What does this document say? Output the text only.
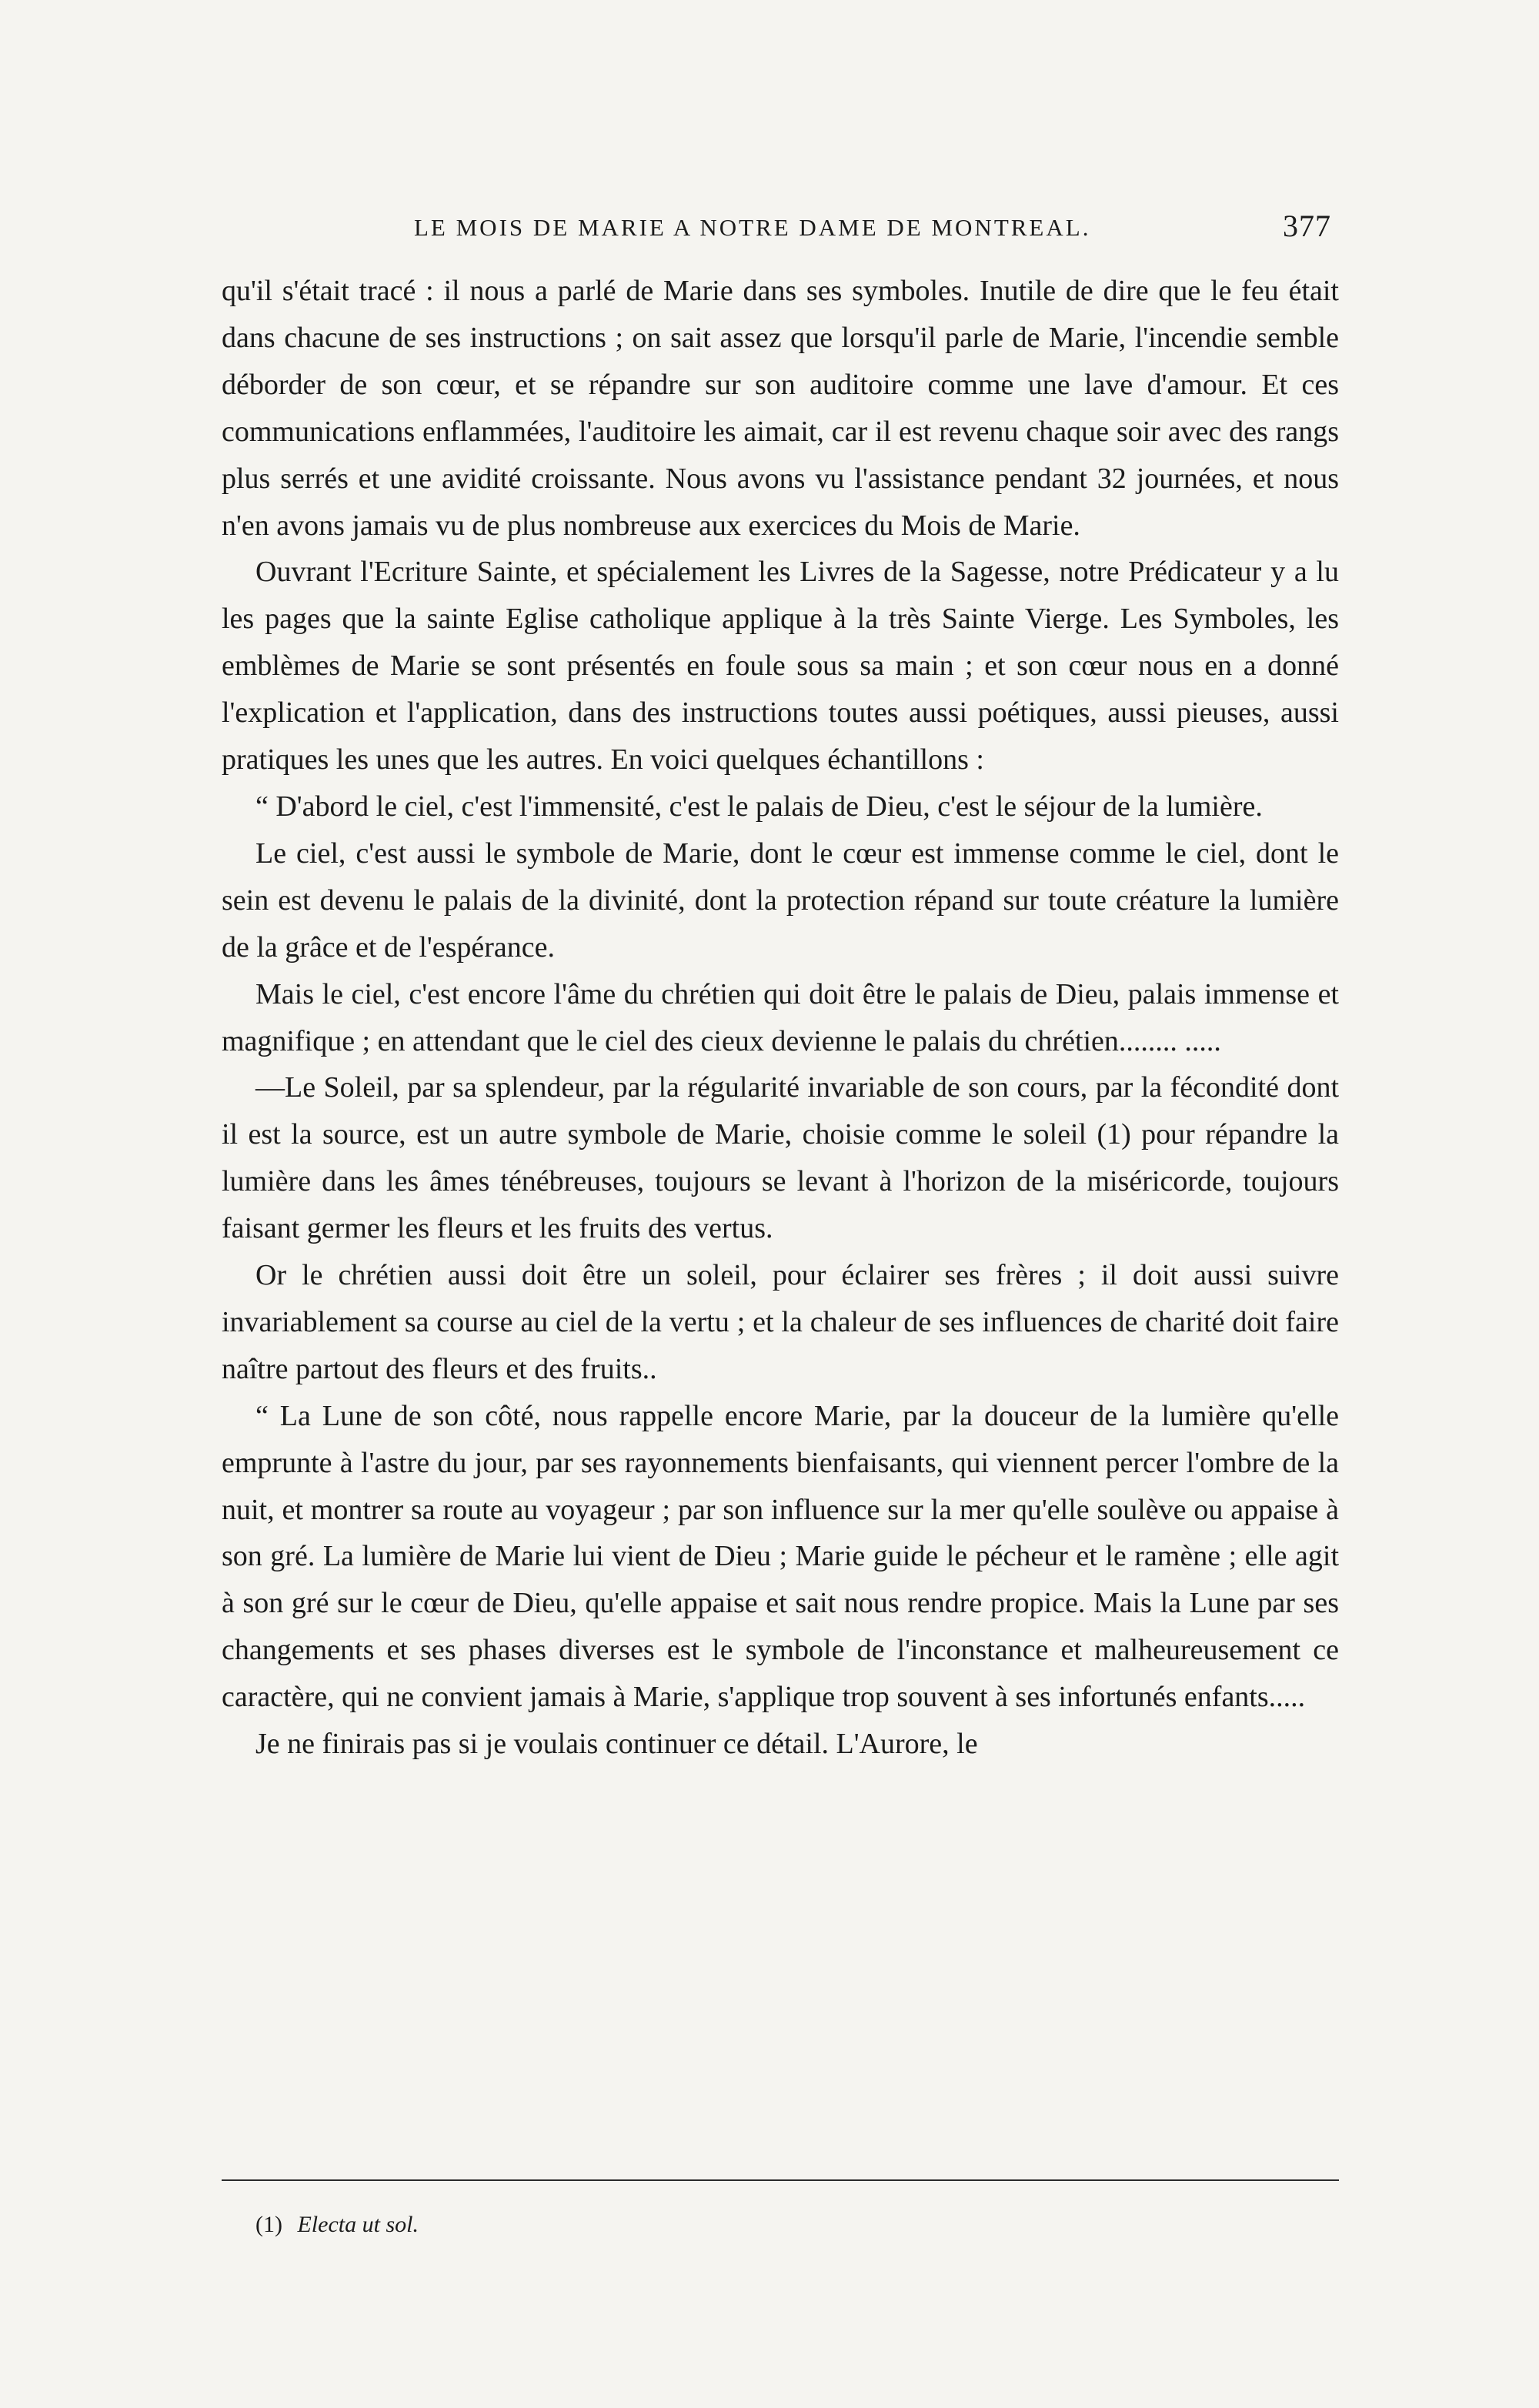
LE MOIS DE MARIE A NOTRE DAME DE MONTREAL.	377

qu'il s'était tracé : il nous a parlé de Marie dans ses symboles. Inutile de dire que le feu était dans chacune de ses instructions ; on sait assez que lorsqu'il parle de Marie, l'incendie semble déborder de son cœur, et se répandre sur son auditoire comme une lave d'amour. Et ces communications enflammées, l'auditoire les aimait, car il est revenu chaque soir avec des rangs plus serrés et une avidité croissante. Nous avons vu l'assistance pendant 32 journées, et nous n'en avons jamais vu de plus nombreuse aux exercices du Mois de Marie.

Ouvrant l'Ecriture Sainte, et spécialement les Livres de la Sagesse, notre Prédicateur y a lu les pages que la sainte Eglise catholique applique à la très Sainte Vierge. Les Symboles, les emblèmes de Marie se sont présentés en foule sous sa main ; et son cœur nous en a donné l'explication et l'application, dans des instructions toutes aussi poétiques, aussi pieuses, aussi pratiques les unes que les autres. En voici quelques échantillons :

“ D'abord le ciel, c'est l'immensité, c'est le palais de Dieu, c'est le séjour de la lumière.

Le ciel, c'est aussi le symbole de Marie, dont le cœur est immense comme le ciel, dont le sein est devenu le palais de la divinité, dont la protection répand sur toute créature la lumière de la grâce et de l'espérance.

Mais le ciel, c'est encore l'âme du chrétien qui doit être le palais de Dieu, palais immense et magnifique ; en attendant que le ciel des cieux devienne le palais du chrétien........ .....

—Le Soleil, par sa splendeur, par la régularité invariable de son cours, par la fécondité dont il est la source, est un autre symbole de Marie, choisie comme le soleil (1) pour répandre la lumière dans les âmes ténébreuses, toujours se levant à l'horizon de la miséricorde, toujours faisant germer les fleurs et les fruits des vertus.

Or le chrétien aussi doit être un soleil, pour éclairer ses frères ; il doit aussi suivre invariablement sa course au ciel de la vertu ; et la chaleur de ses influences de charité doit faire naître partout des fleurs et des fruits..

“ La Lune de son côté, nous rappelle encore Marie, par la douceur de la lumière qu'elle emprunte à l'astre du jour, par ses rayonnements bienfaisants, qui viennent percer l'ombre de la nuit, et montrer sa route au voyageur ; par son influence sur la mer qu'elle soulève ou appaise à son gré. La lumière de Marie lui vient de Dieu ; Marie guide le pécheur et le ramène ; elle agit à son gré sur le cœur de Dieu, qu'elle appaise et sait nous rendre propice. Mais la Lune par ses changements et ses phases diverses est le symbole de l'inconstance et malheureusement ce caractère, qui ne convient jamais à Marie, s'applique trop souvent à ses infortunés enfants.....

Je ne finirais pas si je voulais continuer ce détail. L'Aurore, le

(1) Electa ut sol.
